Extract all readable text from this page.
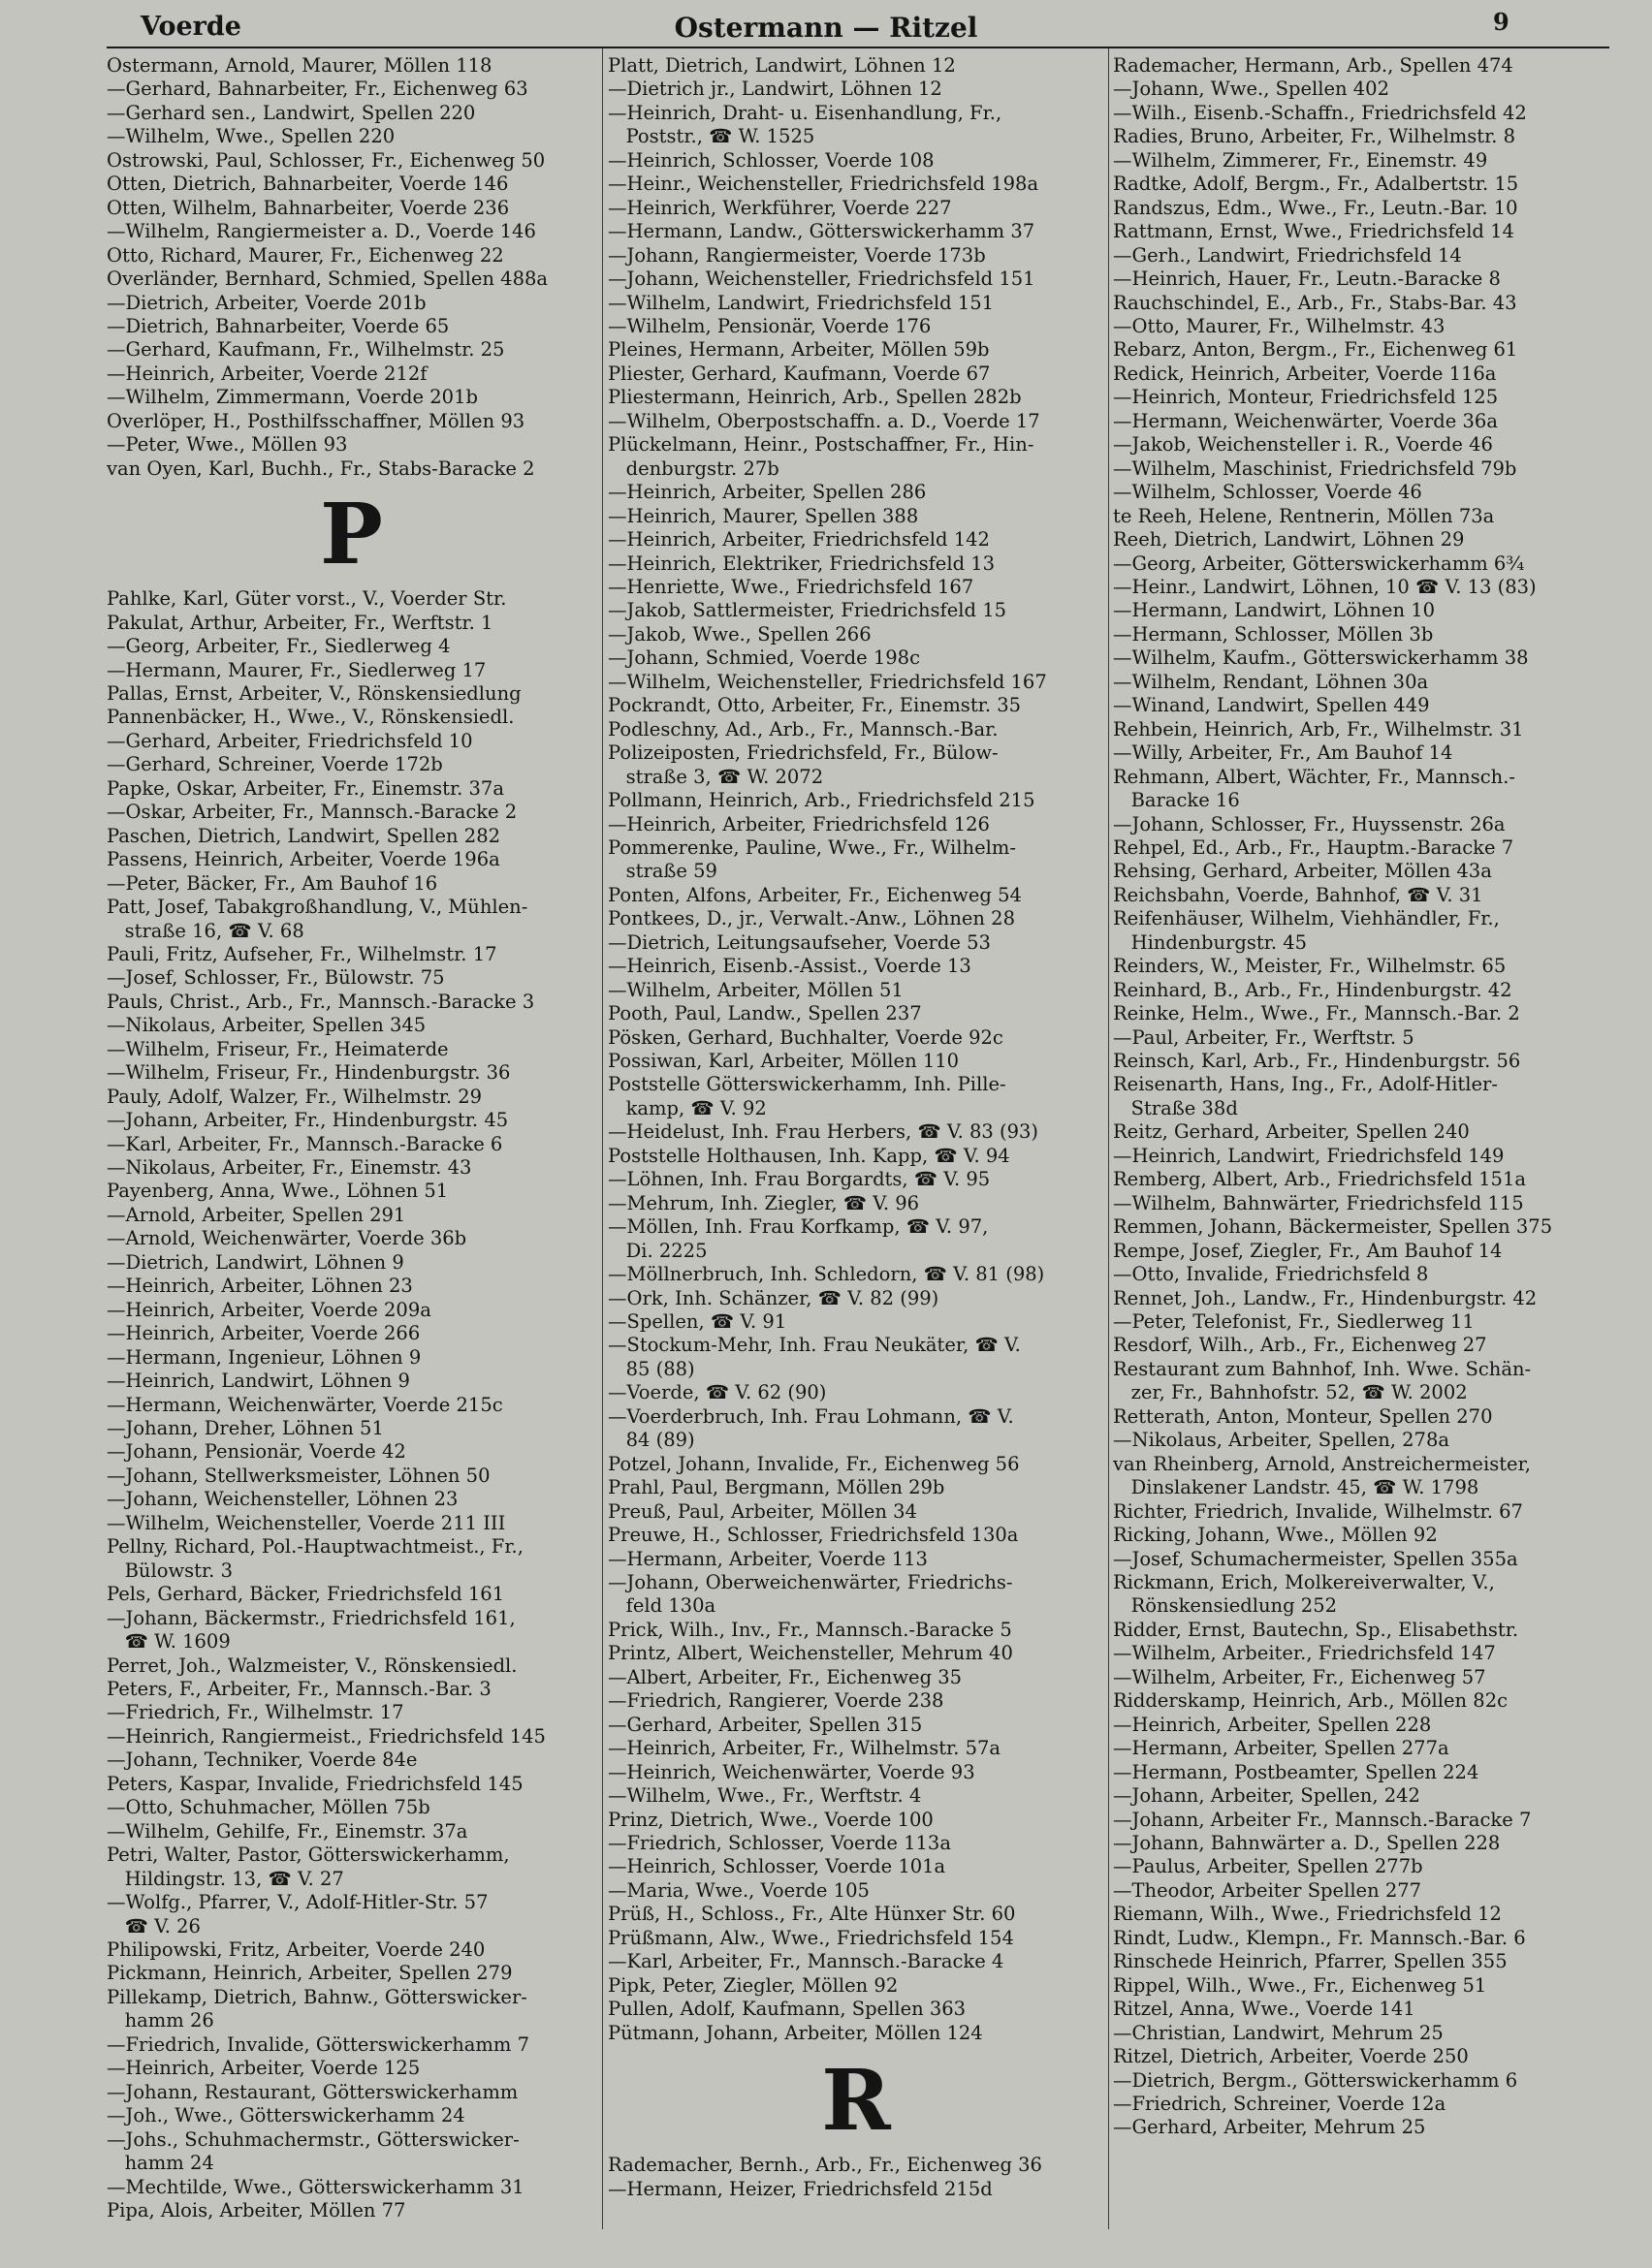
Voerde	Ostermann — Ritzel	9
Ostermann, Arnold, Maurer, Möllen 118
—Gerhard, Bahnarbeiter, Fr., Eichenweg 63
—Gerhard sen., Landwirt, Spellen 220
—Wilhelm, Wwe., Spellen 220
Ostrowski, Paul, Schlosser, Fr., Eichenweg 50
Otten, Dietrich, Bahnarbeiter, Voerde 146
Otten, Wilhelm, Bahnarbeiter, Voerde 236
—Wilhelm, Rangiermeister a. D., Voerde 146
Otto, Richard, Maurer, Fr., Eichenweg 22
Overländer, Bernhard, Schmied, Spellen 488a
—Dietrich, Arbeiter, Voerde 201b
—Dietrich, Bahnarbeiter, Voerde 65
—Gerhard, Kaufmann, Fr., Wilhelmstr. 25
—Heinrich, Arbeiter, Voerde 212f
—Wilhelm, Zimmermann, Voerde 201b
Overlöper, H., Posthilfsschaffner, Möllen 93
—Peter, Wwe., Möllen 93
van Oyen, Karl, Buchh., Fr., Stabs-Baracke 2
P
Pahlke, Karl, Güter vorst., V., Voerder Str.
Pakulat, Arthur, Arbeiter, Fr., Werftstr. 1
—Georg, Arbeiter, Fr., Siedlerweg 4
—Hermann, Maurer, Fr., Siedlerweg 17
Pallas, Ernst, Arbeiter, V., Rönskensiedlung
Pannenbäcker, H., Wwe., V., Rönskensiedl.
—Gerhard, Arbeiter, Friedrichsfeld 10
—Gerhard, Schreiner, Voerde 172b
Papke, Oskar, Arbeiter, Fr., Einemstr. 37a
—Oskar, Arbeiter, Fr., Mannsch.-Baracke 2
Paschen, Dietrich, Landwirt, Spellen 282
Passens, Heinrich, Arbeiter, Voerde 196a
—Peter, Bäcker, Fr., Am Bauhof 16
Patt, Josef, Tabakgroßhandlung, V., Mühlen-
straße 16, ☎ V. 68
Pauli, Fritz, Aufseher, Fr., Wilhelmstr. 17
—Josef, Schlosser, Fr., Bülowstr. 75
Pauls, Christ., Arb., Fr., Mannsch.-Baracke 3
—Nikolaus, Arbeiter, Spellen 345
—Wilhelm, Friseur, Fr., Heimaterde
—Wilhelm, Friseur, Fr., Hindenburgstr. 36
Pauly, Adolf, Walzer, Fr., Wilhelmstr. 29
—Johann, Arbeiter, Fr., Hindenburgstr. 45
—Karl, Arbeiter, Fr., Mannsch.-Baracke 6
—Nikolaus, Arbeiter, Fr., Einemstr. 43
Payenberg, Anna, Wwe., Löhnen 51
—Arnold, Arbeiter, Spellen 291
—Arnold, Weichenwärter, Voerde 36b
—Dietrich, Landwirt, Löhnen 9
—Heinrich, Arbeiter, Löhnen 23
—Heinrich, Arbeiter, Voerde 209a
—Heinrich, Arbeiter, Voerde 266
—Hermann, Ingenieur, Löhnen 9
—Heinrich, Landwirt, Löhnen 9
—Hermann, Weichenwärter, Voerde 215c
—Johann, Dreher, Löhnen 51
—Johann, Pensionär, Voerde 42
—Johann, Stellwerksmeister, Löhnen 50
—Johann, Weichensteller, Löhnen 23
—Wilhelm, Weichensteller, Voerde 211 III
Pellny, Richard, Pol.-Hauptwachtmeist., Fr.,
Bülowstr. 3
Pels, Gerhard, Bäcker, Friedrichsfeld 161
—Johann, Bäckermstr., Friedrichsfeld 161,
☎ W. 1609
Perret, Joh., Walzmeister, V., Rönskensiedl.
Peters, F., Arbeiter, Fr., Mannsch.-Bar. 3
—Friedrich, Fr., Wilhelmstr. 17
—Heinrich, Rangiermeist., Friedrichsfeld 145
—Johann, Techniker, Voerde 84e
Peters, Kaspar, Invalide, Friedrichsfeld 145
—Otto, Schuhmacher, Möllen 75b
—Wilhelm, Gehilfe, Fr., Einemstr. 37a
Petri, Walter, Pastor, Götterswickerhamm,
Hildingstr. 13, ☎ V. 27
—Wolfg., Pfarrer, V., Adolf-Hitler-Str. 57
☎ V. 26
Philipowski, Fritz, Arbeiter, Voerde 240
Pickmann, Heinrich, Arbeiter, Spellen 279
Pillekamp, Dietrich, Bahnw., Götterswicker-
hamm 26
—Friedrich, Invalide, Götterswickerhamm 7
—Heinrich, Arbeiter, Voerde 125
—Johann, Restaurant, Götterswickerhamm
—Joh., Wwe., Götterswickerhamm 24
—Johs., Schuhmachermstr., Götterswicker-
hamm 24
—Mechtilde, Wwe., Götterswickerhamm 31
Pipa, Alois, Arbeiter, Möllen 77
Platt, Dietrich, Landwirt, Löhnen 12
—Dietrich jr., Landwirt, Löhnen 12
—Heinrich, Draht- u. Eisenhandlung, Fr.,
Poststr., ☎ W. 1525
—Heinrich, Schlosser, Voerde 108
—Heinr., Weichensteller, Friedrichsfeld 198a
—Heinrich, Werkführer, Voerde 227
—Hermann, Landw., Götterswickerhamm 37
—Johann, Rangiermeister, Voerde 173b
—Johann, Weichensteller, Friedrichsfeld 151
—Wilhelm, Landwirt, Friedrichsfeld 151
—Wilhelm, Pensionär, Voerde 176
Pleines, Hermann, Arbeiter, Möllen 59b
Pliester, Gerhard, Kaufmann, Voerde 67
Pliestermann, Heinrich, Arb., Spellen 282b
—Wilhelm, Oberpostschaffn. a. D., Voerde 17
Plückelmann, Heinr., Postschaffner, Fr., Hin-
denburgstr. 27b
—Heinrich, Arbeiter, Spellen 286
—Heinrich, Maurer, Spellen 388
—Heinrich, Arbeiter, Friedrichsfeld 142
—Heinrich, Elektriker, Friedrichsfeld 13
—Henriette, Wwe., Friedrichsfeld 167
—Jakob, Sattlermeister, Friedrichsfeld 15
—Jakob, Wwe., Spellen 266
—Johann, Schmied, Voerde 198c
—Wilhelm, Weichensteller, Friedrichsfeld 167
Pockrandt, Otto, Arbeiter, Fr., Einemstr. 35
Podleschny, Ad., Arb., Fr., Mannsch.-Bar.
Polizeiposten, Friedrichsfeld, Fr., Bülow-
straße 3, ☎ W. 2072
Pollmann, Heinrich, Arb., Friedrichsfeld 215
—Heinrich, Arbeiter, Friedrichsfeld 126
Pommerenke, Pauline, Wwe., Fr., Wilhelm-
straße 59
Ponten, Alfons, Arbeiter, Fr., Eichenweg 54
Pontkees, D., jr., Verwalt.-Anw., Löhnen 28
—Dietrich, Leitungsaufseher, Voerde 53
—Heinrich, Eisenb.-Assist., Voerde 13
—Wilhelm, Arbeiter, Möllen 51
Pooth, Paul, Landw., Spellen 237
Pösken, Gerhard, Buchhalter, Voerde 92c
Possiwan, Karl, Arbeiter, Möllen 110
Poststelle Götterswickerhamm, Inh. Pille-
kamp, ☎ V. 92
—Heidelust, Inh. Frau Herbers, ☎ V. 83 (93)
Poststelle Holthausen, Inh. Kapp, ☎ V. 94
—Löhnen, Inh. Frau Borgardts, ☎ V. 95
—Mehrum, Inh. Ziegler, ☎ V. 96
—Möllen, Inh. Frau Korfkamp, ☎ V. 97,
Di. 2225
—Möllnerbruch, Inh. Schledorn, ☎ V. 81 (98)
—Ork, Inh. Schänzer, ☎ V. 82 (99)
—Spellen, ☎ V. 91
—Stockum-Mehr, Inh. Frau Neukäter, ☎ V.
85 (88)
—Voerde, ☎ V. 62 (90)
—Voerderbruch, Inh. Frau Lohmann, ☎ V.
84 (89)
Potzel, Johann, Invalide, Fr., Eichenweg 56
Prahl, Paul, Bergmann, Möllen 29b
Preuß, Paul, Arbeiter, Möllen 34
Preuwe, H., Schlosser, Friedrichsfeld 130a
—Hermann, Arbeiter, Voerde 113
—Johann, Oberweichenwärter, Friedrichs-
feld 130a
Prick, Wilh., Inv., Fr., Mannsch.-Baracke 5
Printz, Albert, Weichensteller, Mehrum 40
—Albert, Arbeiter, Fr., Eichenweg 35
—Friedrich, Rangierer, Voerde 238
—Gerhard, Arbeiter, Spellen 315
—Heinrich, Arbeiter, Fr., Wilhelmstr. 57a
—Heinrich, Weichenwärter, Voerde 93
—Wilhelm, Wwe., Fr., Werftstr. 4
Prinz, Dietrich, Wwe., Voerde 100
—Friedrich, Schlosser, Voerde 113a
—Heinrich, Schlosser, Voerde 101a
—Maria, Wwe., Voerde 105
Prüß, H., Schloss., Fr., Alte Hünxer Str. 60
Prüßmann, Alw., Wwe., Friedrichsfeld 154
—Karl, Arbeiter, Fr., Mannsch.-Baracke 4
Pipk, Peter, Ziegler, Möllen 92
Pullen, Adolf, Kaufmann, Spellen 363
Pütmann, Johann, Arbeiter, Möllen 124
R
Rademacher, Bernh., Arb., Fr., Eichenweg 36
—Hermann, Heizer, Friedrichsfeld 215d
Rademacher, Hermann, Arb., Spellen 474
—Johann, Wwe., Spellen 402
—Wilh., Eisenb.-Schaffn., Friedrichsfeld 42
Radies, Bruno, Arbeiter, Fr., Wilhelmstr. 8
—Wilhelm, Zimmerer, Fr., Einemstr. 49
Radtke, Adolf, Bergm., Fr., Adalbertstr. 15
Randszus, Edm., Wwe., Fr., Leutn.-Bar. 10
Rattmann, Ernst, Wwe., Friedrichsfeld 14
—Gerh., Landwirt, Friedrichsfeld 14
—Heinrich, Hauer, Fr., Leutn.-Baracke 8
Rauchschindel, E., Arb., Fr., Stabs-Bar. 43
—Otto, Maurer, Fr., Wilhelmstr. 43
Rebarz, Anton, Bergm., Fr., Eichenweg 61
Redick, Heinrich, Arbeiter, Voerde 116a
—Heinrich, Monteur, Friedrichsfeld 125
—Hermann, Weichenwärter, Voerde 36a
—Jakob, Weichensteller i. R., Voerde 46
—Wilhelm, Maschinist, Friedrichsfeld 79b
—Wilhelm, Schlosser, Voerde 46
te Reeh, Helene, Rentnerin, Möllen 73a
Reeh, Dietrich, Landwirt, Löhnen 29
—Georg, Arbeiter, Götterswickerhamm 6¾
—Heinr., Landwirt, Löhnen, 10 ☎ V. 13 (83)
—Hermann, Landwirt, Löhnen 10
—Hermann, Schlosser, Möllen 3b
—Wilhelm, Kaufm., Götterswickerhamm 38
—Wilhelm, Rendant, Löhnen 30a
—Winand, Landwirt, Spellen 449
Rehbein, Heinrich, Arb, Fr., Wilhelmstr. 31
—Willy, Arbeiter, Fr., Am Bauhof 14
Rehmann, Albert, Wächter, Fr., Mannsch.-
Baracke 16
—Johann, Schlosser, Fr., Huyssenstr. 26a
Rehpel, Ed., Arb., Fr., Hauptm.-Baracke 7
Rehsing, Gerhard, Arbeiter, Möllen 43a
Reichsbahn, Voerde, Bahnhof, ☎ V. 31
Reifenhäuser, Wilhelm, Viehhändler, Fr.,
Hindenburgstr. 45
Reinders, W., Meister, Fr., Wilhelmstr. 65
Reinhard, B., Arb., Fr., Hindenburgstr. 42
Reinke, Helm., Wwe., Fr., Mannsch.-Bar. 2
—Paul, Arbeiter, Fr., Werftstr. 5
Reinsch, Karl, Arb., Fr., Hindenburgstr. 56
Reisenarth, Hans, Ing., Fr., Adolf-Hitler-
Straße 38d
Reitz, Gerhard, Arbeiter, Spellen 240
—Heinrich, Landwirt, Friedrichsfeld 149
Remberg, Albert, Arb., Friedrichsfeld 151a
—Wilhelm, Bahnwärter, Friedrichsfeld 115
Remmen, Johann, Bäckermeister, Spellen 375
Rempe, Josef, Ziegler, Fr., Am Bauhof 14
—Otto, Invalide, Friedrichsfeld 8
Rennet, Joh., Landw., Fr., Hindenburgstr. 42
—Peter, Telefonist, Fr., Siedlerweg 11
Resdorf, Wilh., Arb., Fr., Eichenweg 27
Restaurant zum Bahnhof, Inh. Wwe. Schän-
zer, Fr., Bahnhofstr. 52, ☎ W. 2002
Retterath, Anton, Monteur, Spellen 270
—Nikolaus, Arbeiter, Spellen, 278a
van Rheinberg, Arnold, Anstreichermeister,
Dinslakener Landstr. 45, ☎ W. 1798
Richter, Friedrich, Invalide, Wilhelmstr. 67
Ricking, Johann, Wwe., Möllen 92
—Josef, Schumachermeister, Spellen 355a
Rickmann, Erich, Molkereiverwalter, V.,
Rönskensiedlung 252
Ridder, Ernst, Bautechn, Sp., Elisabethstr.
—Wilhelm, Arbeiter., Friedrichsfeld 147
—Wilhelm, Arbeiter, Fr., Eichenweg 57
Ridderskamp, Heinrich, Arb., Möllen 82c
—Heinrich, Arbeiter, Spellen 228
—Hermann, Arbeiter, Spellen 277a
—Hermann, Postbeamter, Spellen 224
—Johann, Arbeiter, Spellen, 242
—Johann, Arbeiter Fr., Mannsch.-Baracke 7
—Johann, Bahnwärter a. D., Spellen 228
—Paulus, Arbeiter, Spellen 277b
—Theodor, Arbeiter Spellen 277
Riemann, Wilh., Wwe., Friedrichsfeld 12
Rindt, Ludw., Klempn., Fr. Mannsch.-Bar. 6
Rinschede Heinrich, Pfarrer, Spellen 355
Rippel, Wilh., Wwe., Fr., Eichenweg 51
Ritzel, Anna, Wwe., Voerde 141
—Christian, Landwirt, Mehrum 25
Ritzel, Dietrich, Arbeiter, Voerde 250
—Dietrich, Bergm., Götterswickerhamm 6
—Friedrich, Schreiner, Voerde 12a
—Gerhard, Arbeiter, Mehrum 25
